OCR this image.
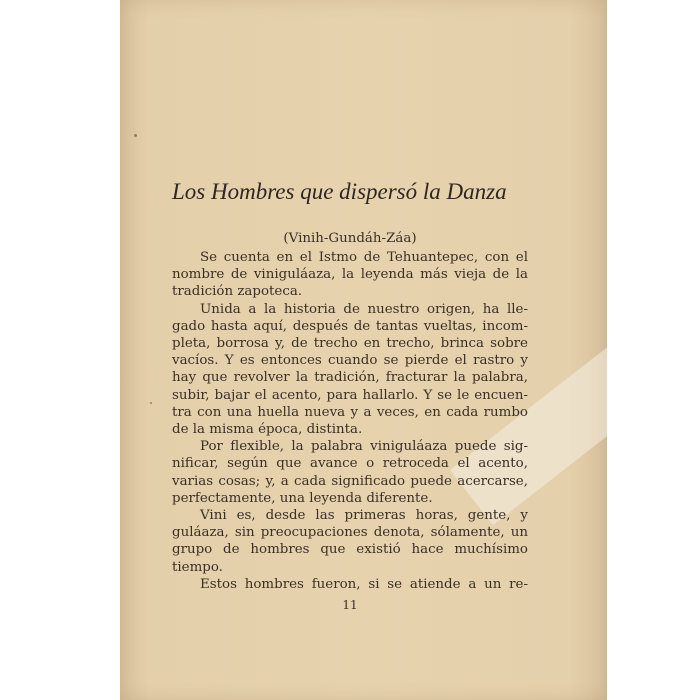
Los Hombres que dispersó la Danza
(Vinih-Gundáh-Záa)
Se cuenta en el Istmo de Tehuantepec, con el
nombre de viniguláaza, la leyenda más vieja de la
tradición zapoteca.
Unida a la historia de nuestro origen, ha lle-
gado hasta aquí, después de tantas vueltas, incom-
pleta, borrosa y, de trecho en trecho, brinca sobre
vacíos. Y es entonces cuando se pierde el rastro y
hay que revolver la tradición, fracturar la palabra,
subir, bajar el acento, para hallarlo. Y se le encuen-
tra con una huella nueva y a veces, en cada rumbo
de la misma época, distinta.
Por flexible, la palabra viniguláaza puede sig-
nificar, según que avance o retroceda el acento,
varias cosas; y, a cada significado puede acercarse,
perfectamente, una leyenda diferente.
Vini es, desde las primeras horas, gente, y
guláaza, sin preocupaciones denota, sólamente, un
grupo de hombres que existió hace muchísimo
tiempo.
Estos hombres fueron, si se atiende a un re-
11
